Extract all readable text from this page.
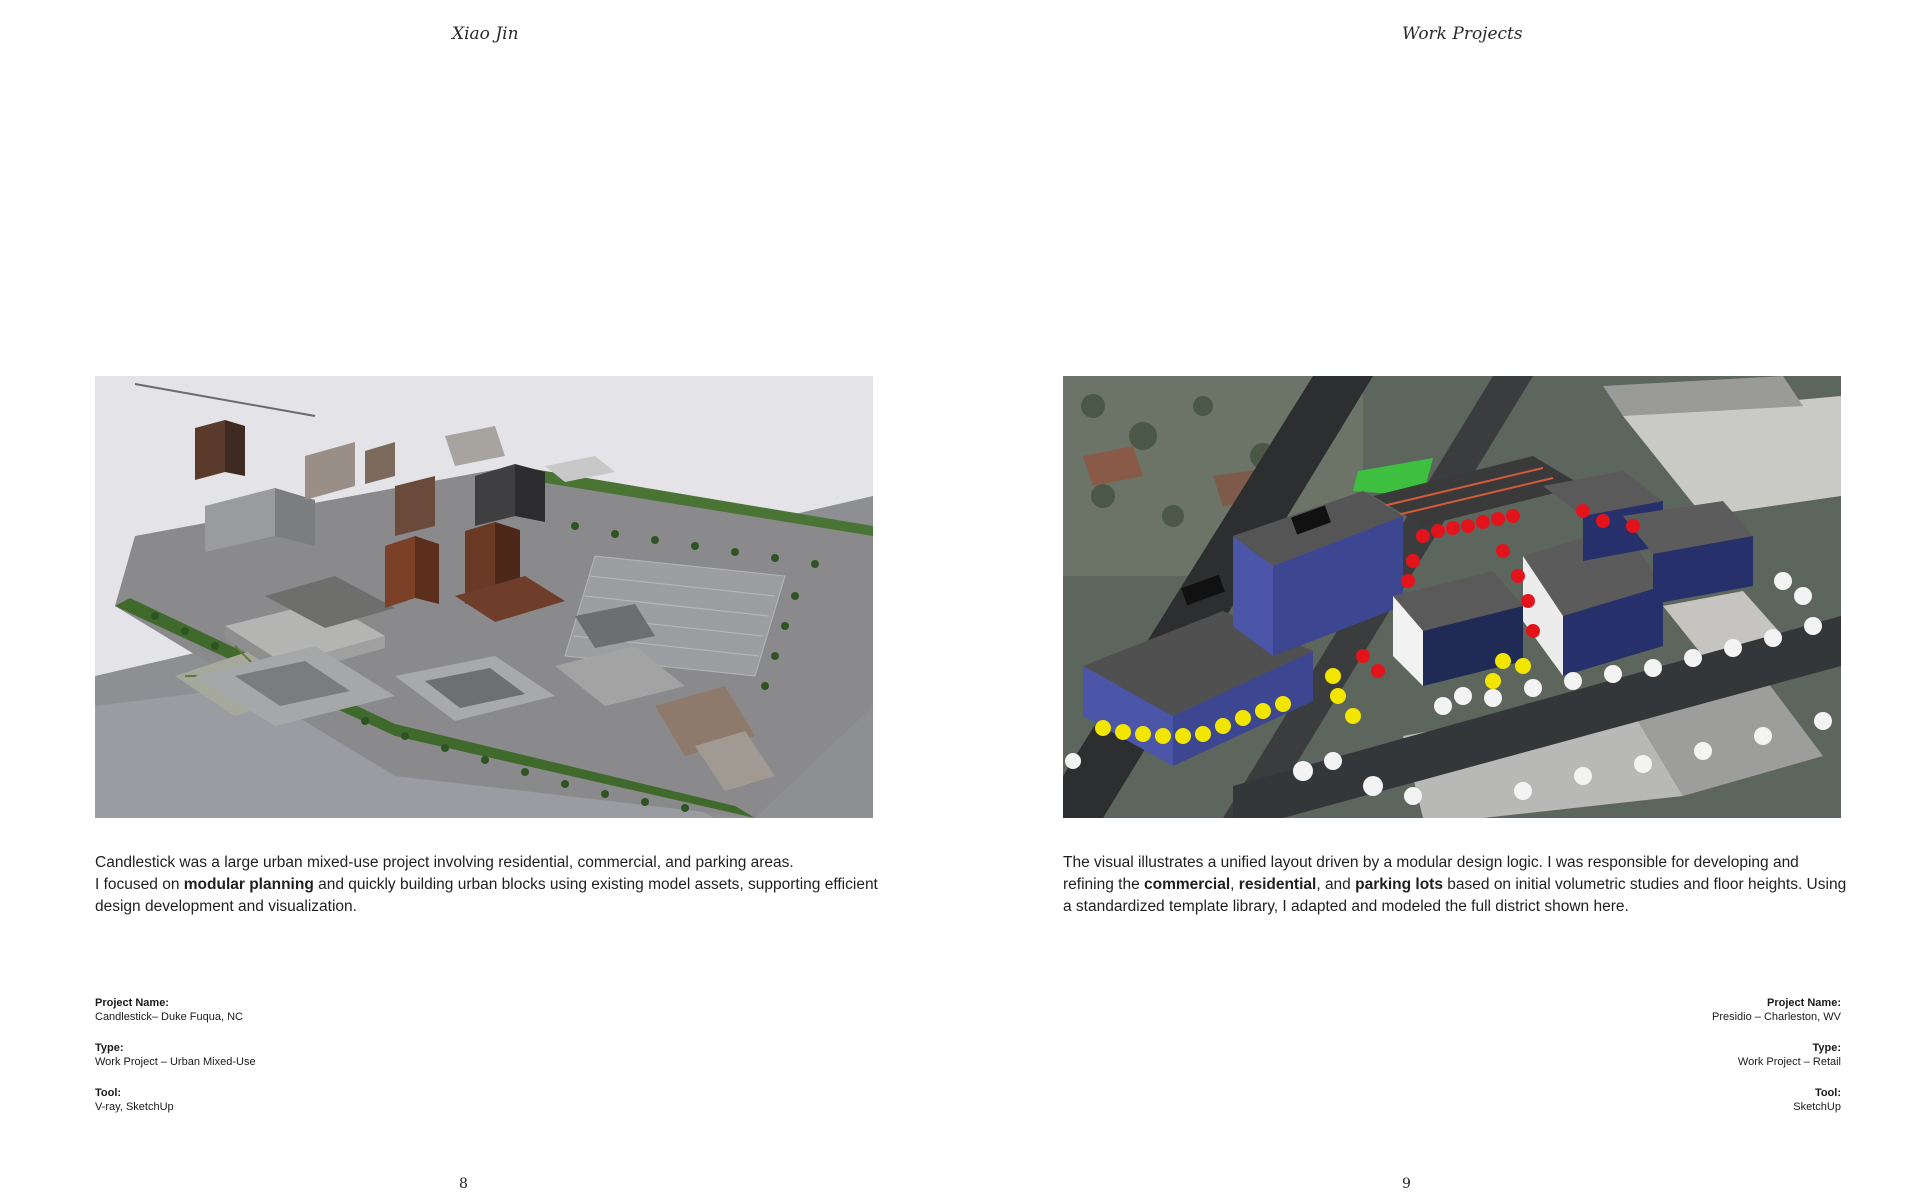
Xiao Jin
Candlestick was a large urban mixed-use project involving residential, commercial, and parking areas.
I focused on modular planning and quickly building urban blocks using existing model assets, supporting efficient design development and visualization.
Project Name:
Candlestick– Duke Fuqua, NC
Type:
Work Project – Urban Mixed-Use
Tool:
V-ray, SketchUp
8
Work Projects
The visual illustrates a unified layout driven by a modular design logic. I was responsible for developing and refining the commercial, residential, and parking lots based on initial volumetric studies and floor heights. Using a standardized template library, I adapted and modeled the full district shown here.
Project Name:
Presidio – Charleston, WV
Type:
Work Project – Retail
Tool:
SketchUp
9
